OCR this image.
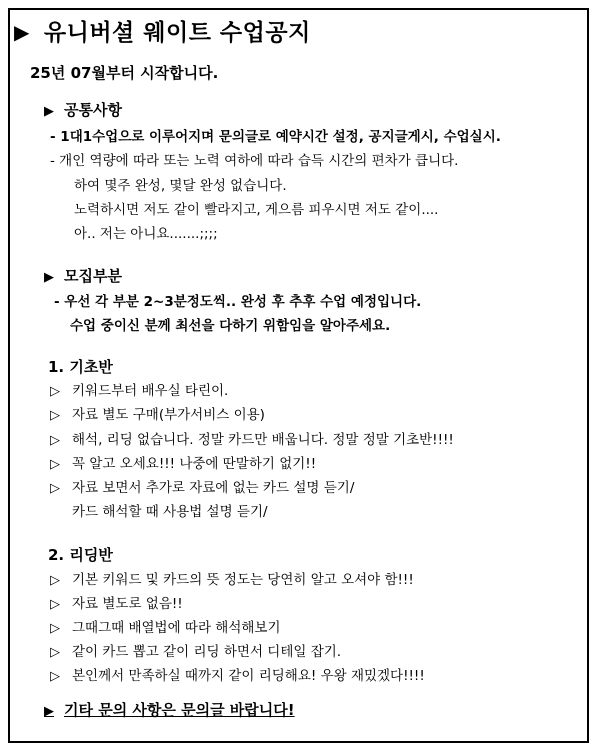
▶ 유니버셜 웨이트 수업공지
25년 07월부터 시작합니다.
▶ 공통사항
- 1대1수업으로 이루어지며 문의글로 예약시간 설정, 공지글게시, 수업실시.
- 개인 역량에 따라 또는 노력 여하에 따라 습득 시간의 편차가 큽니다.
하여 몇주 완성, 몇달 완성 없습니다.
노력하시면 저도 같이 빨라지고, 게으름 피우시면 저도 같이....
아.. 저는 아니요.......;;;;
▶ 모집부분
- 우선 각 부분 2~3분정도씩.. 완성 후 추후 수업 예정입니다.
수업 중이신 분께 최선을 다하기 위함임을 알아주세요.
1. 기초반
▷ 키워드부터 배우실 타린이.
▷ 자료 별도 구매(부가서비스 이용)
▷ 해석, 리딩 없습니다. 정말 카드만 배웁니다. 정말 정말 기초반!!!!
▷ 꼭 알고 오세요!!! 나중에 딴말하기 없기!!
▷ 자료 보면서 추가로 자료에 없는 카드 설명 듣기/
카드 해석할 때 사용법 설명 듣기/
2. 리딩반
▷ 기본 키워드 및 카드의 뜻 정도는 당연히 알고 오셔야 함!!!
▷ 자료 별도로 없음!!
▷ 그때그때 배열법에 따라 해석해보기
▷ 같이 카드 뽑고 같이 리딩 하면서 디테일 잡기.
▷ 본인께서 만족하실 때까지 같이 리딩해요! 우왕 재밌겠다!!!!
▶ 기타 문의 사항은 문의글 바랍니다!
